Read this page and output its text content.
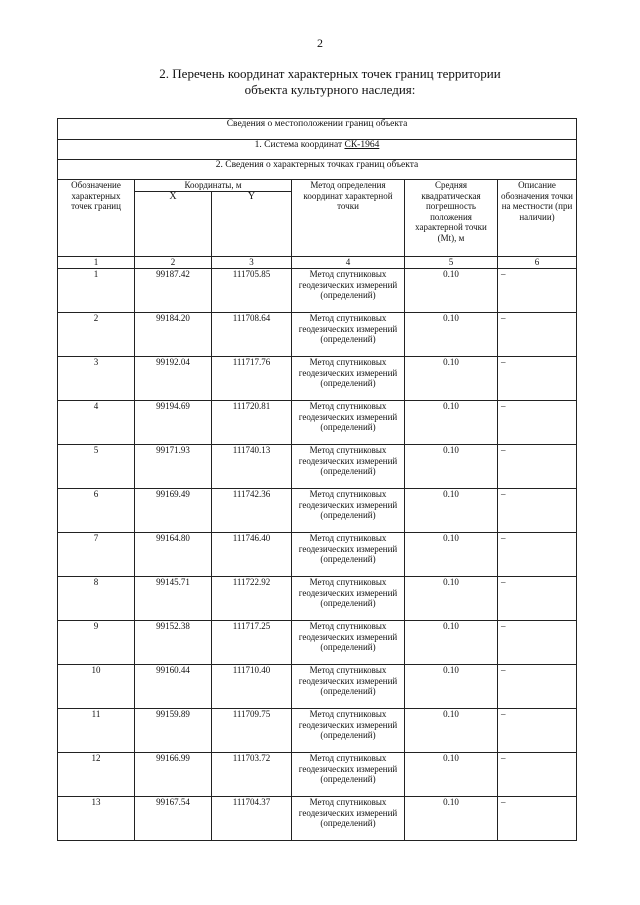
2
2. Перечень координат характерных точек границ территории
объекта культурного наследия:
Сведения о местоположении границ объекта					
1. Система координат СК-1964					
2. Сведения о характерных точках границ объекта					
Обозначение характерных точек границ	Координаты, м		Метод определения координат характерной точки	Средняя квадратическая погрешность положения характерной точки (Мt), м	Описание обозначения точки на местности (при наличии)
	X	Y			
1	2	3	4	5	6
1	99187.42	111705.85	Метод спутниковых геодезических измерений (определений)	0.10	–
2	99184.20	111708.64	Метод спутниковых геодезических измерений (определений)	0.10	–
3	99192.04	111717.76	Метод спутниковых геодезических измерений (определений)	0.10	–
4	99194.69	111720.81	Метод спутниковых геодезических измерений (определений)	0.10	–
5	99171.93	111740.13	Метод спутниковых геодезических измерений (определений)	0.10	–
6	99169.49	111742.36	Метод спутниковых геодезических измерений (определений)	0.10	–
7	99164.80	111746.40	Метод спутниковых геодезических измерений (определений)	0.10	–
8	99145.71	111722.92	Метод спутниковых геодезических измерений (определений)	0.10	–
9	99152.38	111717.25	Метод спутниковых геодезических измерений (определений)	0.10	–
10	99160.44	111710.40	Метод спутниковых геодезических измерений (определений)	0.10	–
11	99159.89	111709.75	Метод спутниковых геодезических измерений (определений)	0.10	–
12	99166.99	111703.72	Метод спутниковых геодезических измерений (определений)	0.10	–
13	99167.54	111704.37	Метод спутниковых геодезических измерений (определений)	0.10	–
